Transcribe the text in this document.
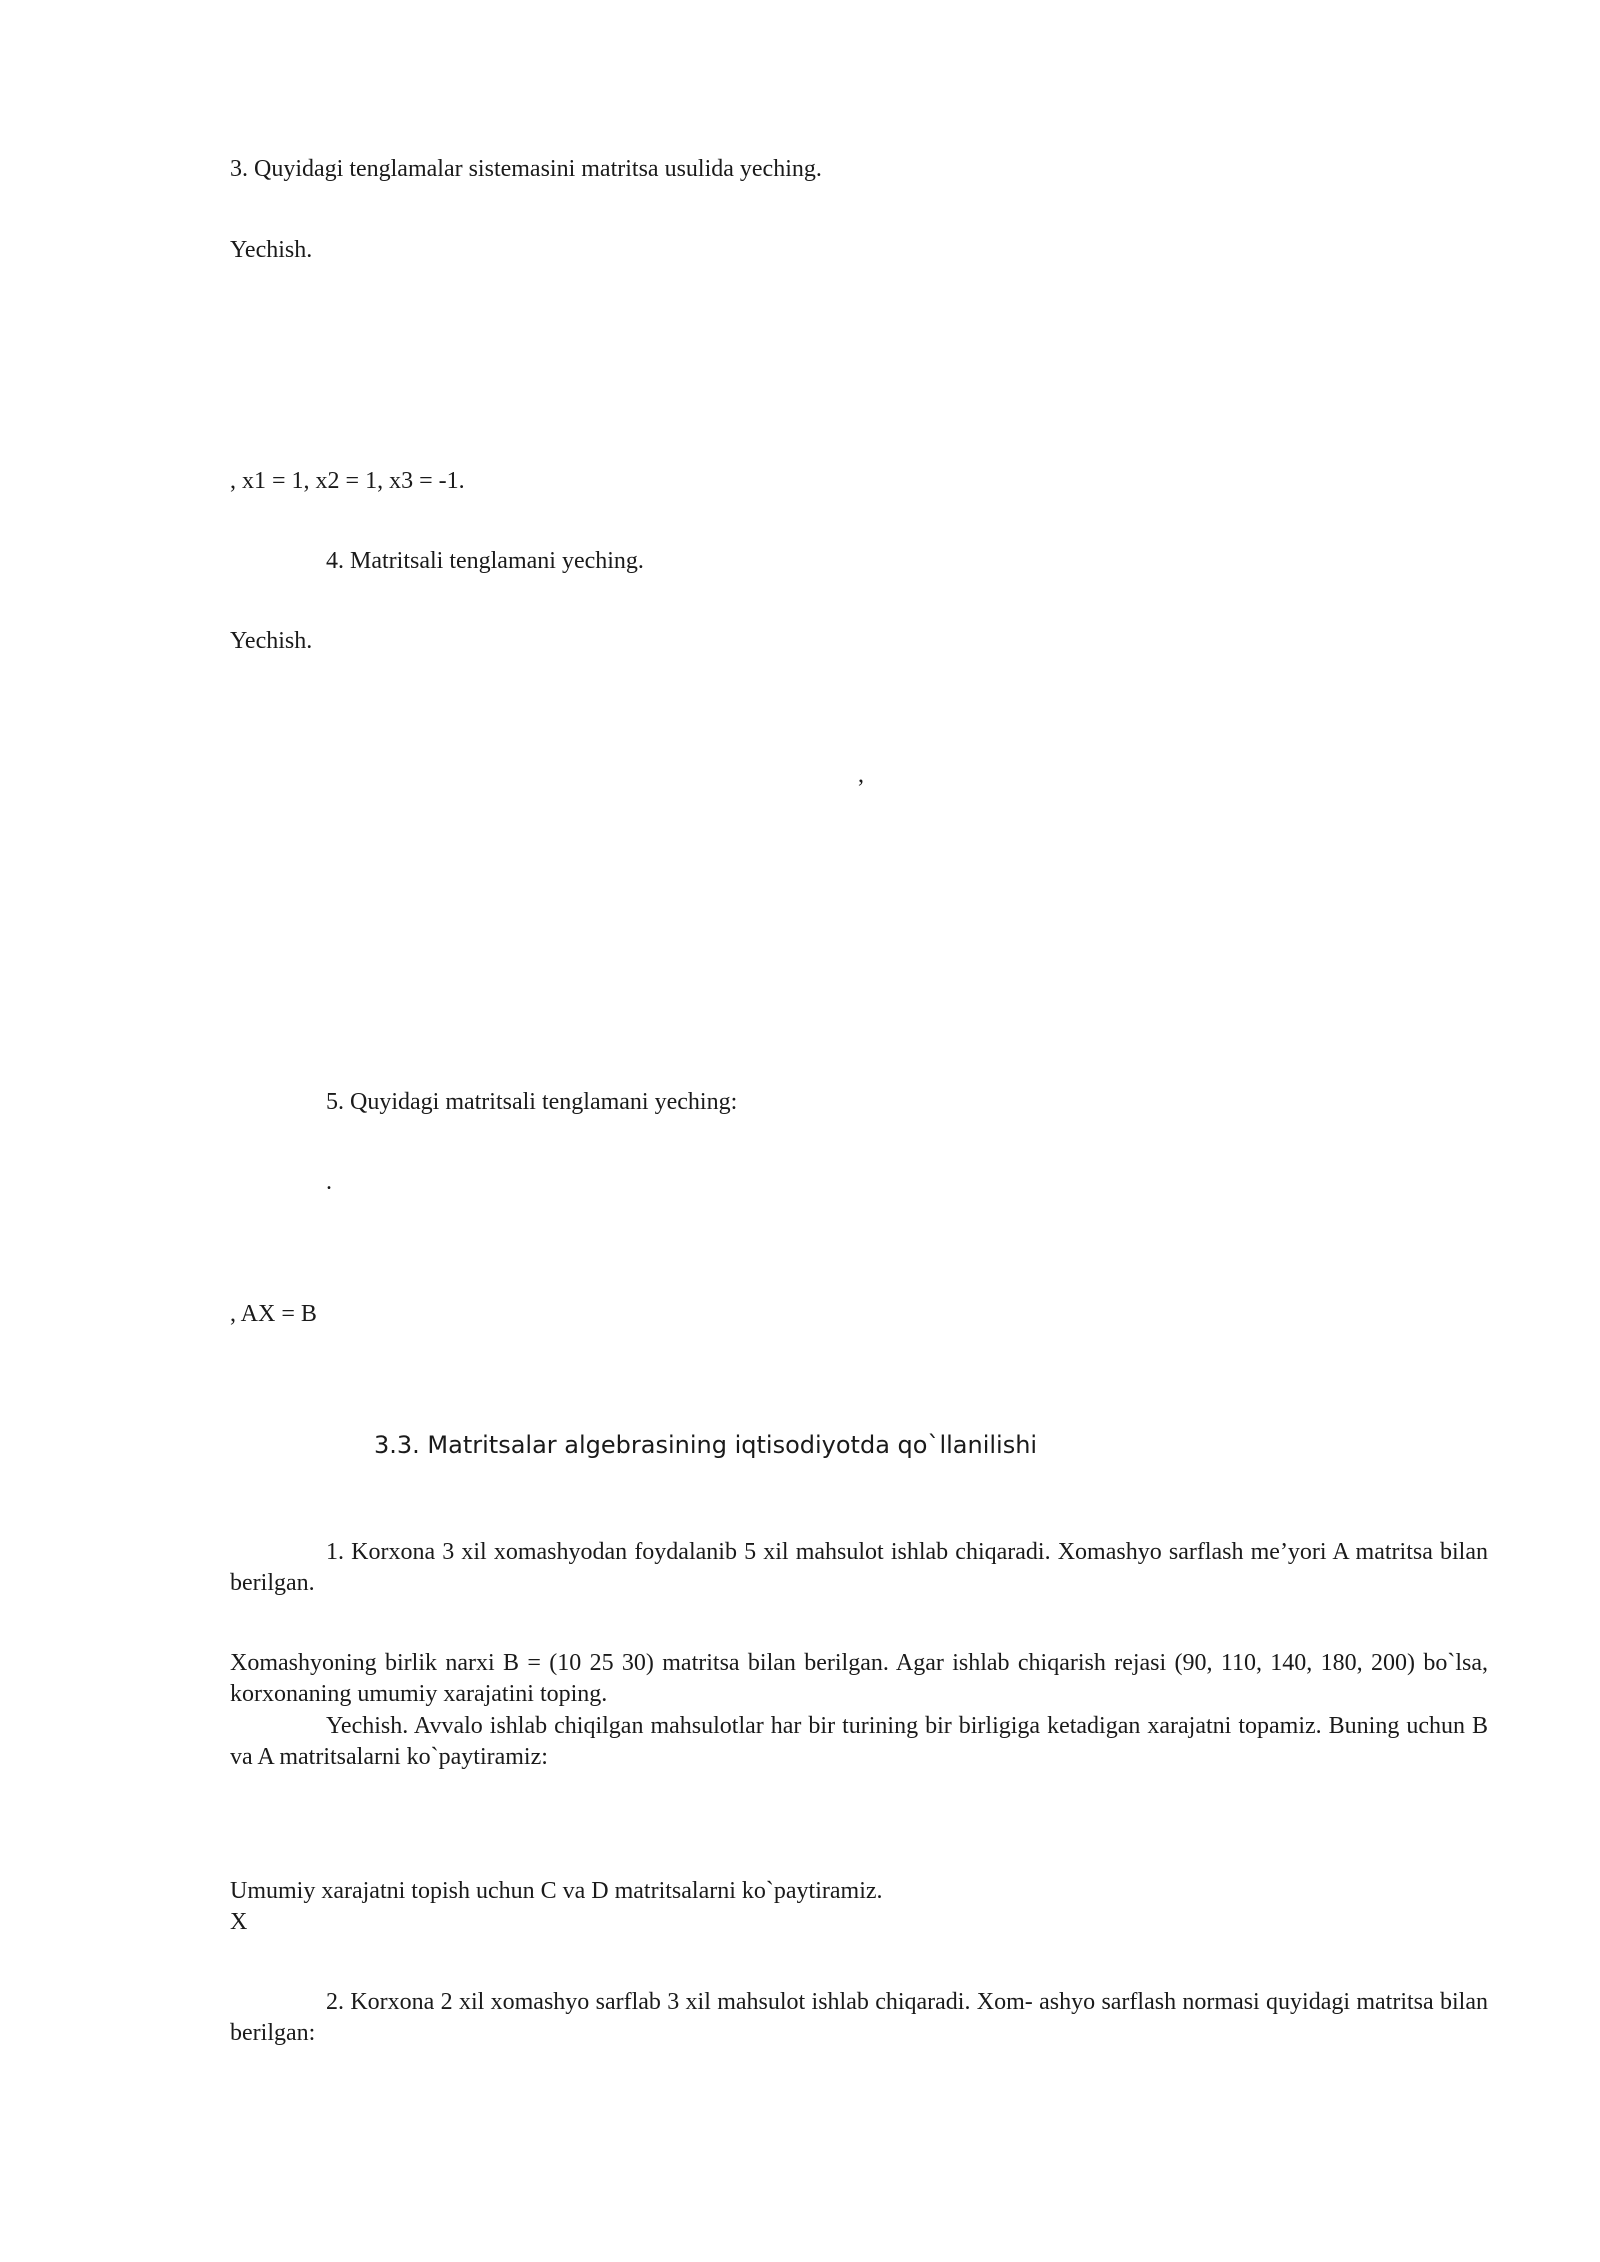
3. Quyidagi tenglamalar sistemasini matritsa usulida yeching.
Yechish.
, x1 = 1, x2 = 1, x3 = -1.
4. Matritsali tenglamani yeching.
Yechish.
,
5. Quyidagi matritsali tenglamani yeching:
.
, AX = B
3.3. Matritsalar algebrasining iqtisodiyotda qo`llanilishi
1. Korxona 3 xil xomashyodan foydalanib 5 xil mahsulot ishlab chiqaradi. Xomashyo sarflash me’yori A matritsa bilan berilgan.
Xomashyoning birlik narxi B = (10 25 30) matritsa bilan berilgan. Agar ishlab chiqarish rejasi (90, 110, 140, 180, 200) bo`lsa, korxonaning umumiy xarajatini toping.
Yechish. Avvalo ishlab chiqilgan mahsulotlar har bir turining bir birligiga ketadigan xarajatni topamiz. Buning uchun B va A matritsalarni ko`paytiramiz:
Umumiy xarajatni topish uchun C va D matritsalarni ko`paytiramiz.
X
2. Korxona 2 xil xomashyo sarflab 3 xil mahsulot ishlab chiqaradi. Xom- ashyo sarflash normasi quyidagi matritsa bilan berilgan:
